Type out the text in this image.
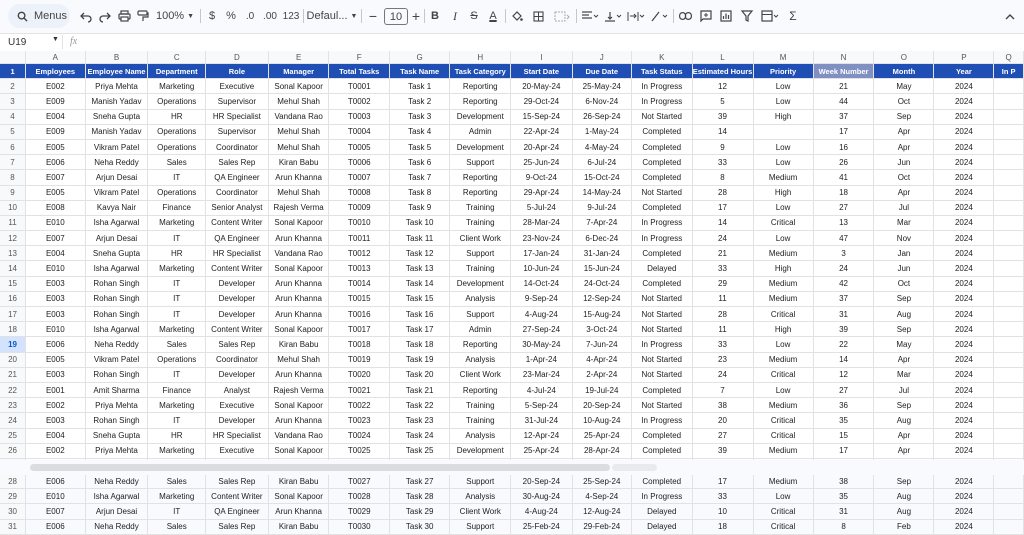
Menus	100% ▼	$	% .0 .00 123 Defaul... ▼ −	10 + B	I	S	A	Σ
U19	▼ fx
	A	B	C	D	E	F	G	H	I	J	K	L	M	N	O	P	Q
1	Employees	Employee Name	Department	Role	Manager	Total Tasks	Task Name	Task Category	Start Date	Due Date	Task Status	Estimated Hours	Priority	Week Number	Month	Year	In P
2	E002	Priya Mehta	Marketing	Executive	Sonal Kapoor	T0001	Task 1	Reporting	20-May-24	25-May-24	In Progress	12	Low	21	May	2024	
3	E009	Manish Yadav	Operations	Supervisor	Mehul Shah	T0002	Task 2	Reporting	29-Oct-24	6-Nov-24	In Progress	5	Low	44	Oct	2024	
4	E004	Sneha Gupta	HR	HR Specialist	Vandana Rao	T0003	Task 3	Development	15-Sep-24	26-Sep-24	Not Started	39	High	37	Sep	2024	
5	E009	Manish Yadav	Operations	Supervisor	Mehul Shah	T0004	Task 4	Admin	22-Apr-24	1-May-24	Completed	14		17	Apr	2024	
6	E005	Vikram Patel	Operations	Coordinator	Mehul Shah	T0005	Task 5	Development	20-Apr-24	4-May-24	Completed	9	Low	16	Apr	2024	
7	E006	Neha Reddy	Sales	Sales Rep	Kiran Babu	T0006	Task 6	Support	25-Jun-24	6-Jul-24	Completed	33	Low	26	Jun	2024	
8	E007	Arjun Desai	IT	QA Engineer	Arun Khanna	T0007	Task 7	Reporting	9-Oct-24	15-Oct-24	Completed	8	Medium	41	Oct	2024	
9	E005	Vikram Patel	Operations	Coordinator	Mehul Shah	T0008	Task 8	Reporting	29-Apr-24	14-May-24	Not Started	28	High	18	Apr	2024	
10	E008	Kavya Nair	Finance	Senior Analyst	Rajesh Verma	T0009	Task 9	Training	5-Jul-24	9-Jul-24	Completed	17	Low	27	Jul	2024	
11	E010	Isha Agarwal	Marketing	Content Writer	Sonal Kapoor	T0010	Task 10	Training	28-Mar-24	7-Apr-24	In Progress	14	Critical	13	Mar	2024	
12	E007	Arjun Desai	IT	QA Engineer	Arun Khanna	T0011	Task 11	Client Work	23-Nov-24	6-Dec-24	In Progress	24	Low	47	Nov	2024	
13	E004	Sneha Gupta	HR	HR Specialist	Vandana Rao	T0012	Task 12	Support	17-Jan-24	31-Jan-24	Completed	21	Medium	3	Jan	2024	
14	E010	Isha Agarwal	Marketing	Content Writer	Sonal Kapoor	T0013	Task 13	Training	10-Jun-24	15-Jun-24	Delayed	33	High	24	Jun	2024	
15	E003	Rohan Singh	IT	Developer	Arun Khanna	T0014	Task 14	Development	14-Oct-24	24-Oct-24	Completed	29	Medium	42	Oct	2024	
16	E003	Rohan Singh	IT	Developer	Arun Khanna	T0015	Task 15	Analysis	9-Sep-24	12-Sep-24	Not Started	11	Medium	37	Sep	2024	
17	E003	Rohan Singh	IT	Developer	Arun Khanna	T0016	Task 16	Support	4-Aug-24	15-Aug-24	Not Started	28	Critical	31	Aug	2024	
18	E010	Isha Agarwal	Marketing	Content Writer	Sonal Kapoor	T0017	Task 17	Admin	27-Sep-24	3-Oct-24	Not Started	11	High	39	Sep	2024	
19	E006	Neha Reddy	Sales	Sales Rep	Kiran Babu	T0018	Task 18	Reporting	30-May-24	7-Jun-24	In Progress	33	Low	22	May	2024	
20	E005	Vikram Patel	Operations	Coordinator	Mehul Shah	T0019	Task 19	Analysis	1-Apr-24	4-Apr-24	Not Started	23	Medium	14	Apr	2024	
21	E003	Rohan Singh	IT	Developer	Arun Khanna	T0020	Task 20	Client Work	23-Mar-24	2-Apr-24	Not Started	24	Critical	12	Mar	2024	
22	E001	Amit Sharma	Finance	Analyst	Rajesh Verma	T0021	Task 21	Reporting	4-Jul-24	19-Jul-24	Completed	7	Low	27	Jul	2024	
23	E002	Priya Mehta	Marketing	Executive	Sonal Kapoor	T0022	Task 22	Training	5-Sep-24	20-Sep-24	Not Started	38	Medium	36	Sep	2024	
24	E003	Rohan Singh	IT	Developer	Arun Khanna	T0023	Task 23	Training	31-Jul-24	10-Aug-24	In Progress	20	Critical	35	Aug	2024	
25	E004	Sneha Gupta	HR	HR Specialist	Vandana Rao	T0024	Task 24	Analysis	12-Apr-24	25-Apr-24	Completed	27	Critical	15	Apr	2024	
26	E002	Priya Mehta	Marketing	Executive	Sonal Kapoor	T0025	Task 25	Development	25-Apr-24	28-Apr-24	Completed	39	Medium	17	Apr	2024	

28	E006	Neha Reddy	Sales	Sales Rep	Kiran Babu	T0027	Task 27	Support	20-Sep-24	25-Sep-24	Completed	17	Medium	38	Sep	2024	
29	E010	Isha Agarwal	Marketing	Content Writer	Sonal Kapoor	T0028	Task 28	Analysis	30-Aug-24	4-Sep-24	In Progress	33	Low	35	Aug	2024	
30	E007	Arjun Desai	IT	QA Engineer	Arun Khanna	T0029	Task 29	Client Work	4-Aug-24	12-Aug-24	Delayed	10	Critical	31	Aug	2024	
31	E006	Neha Reddy	Sales	Sales Rep	Kiran Babu	T0030	Task 30	Support	25-Feb-24	29-Feb-24	Delayed	18	Critical	8	Feb	2024	
